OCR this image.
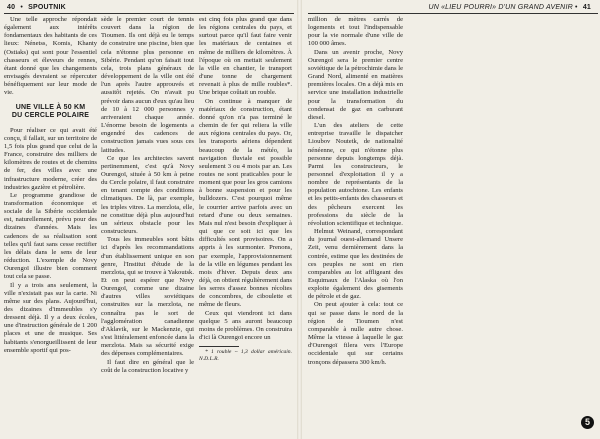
40 • SPOUTNIK

Une telle approche répondait également aux intérêts fondamentaux des habitants de ces lieux: Nénetss, Komis, Khanty (Ostiaks) qui sont pour l'essentiel chasseurs et éleveurs de rennes, étant donné que les changements envisagés devraient se répercuter bénéfiquement sur leur mode de vie.

UNE VILLE À 50 KM
DU CERCLE POLAIRE

Pour réaliser ce qui avait été conçu, il fallait, sur un territoire de 1,5 fois plus grand que celui de la France, construire des milliers de kilomètres de routes et de chemins de fer, des villes avec une infrastructure moderne, créer des industries gazière et pétrolière.

Le programme grandiose de transformation économique et sociale de la Sibérie occidentale est, naturellement, prévu pour des dizaines d'années. Mais les cadences de sa réalisation sont telles qu'il faut sans cesse rectifier les délais dans le sens de leur réduction. L'exemple de Novy Ourengoï illustre bien comment tout cela se passe.

Il y a trois ans seulement, la ville n'existait pas sur la carte. Ni même sur des plans. Aujourd'hui, des dizaines d'immeubles s'y dressent déjà. Il y a deux écoles, une d'instruction générale de 1 200 places et une de musique. Ses habitants s'enorgueillissent de leur ensemble sportif qui pos-

sède le premier court de tennis couvert dans la région de Tioumen. Ils ont déjà eu le temps de construire une piscine, bien que cela n'étonne plus personne en Sibérie. Pendant qu'on faisait tout cela, trois plans généraux de développement de la ville ont été l'un après l'autre approuvés et aussitôt rejetés. On n'avait pu prévoir dans aucun d'eux qu'au lieu de 10 à 12 000 personnes y arriveraient chaque année. L'énorme besoin de logements a engendré des cadences de construction jamais vues sous ces latitudes.

Ce que les architectes savent pertinemment, c'est qu'à Novy Ourengoï, située à 50 km à peine du Cercle polaire, il faut construire en tenant compte des conditions climatiques. De là, par exemple, les triples vitres. La merzlota, elle, ne constitue déjà plus aujourd'hui un sérieux obstacle pour les constructeurs.

Tous les immeubles sont bâtis ici d'après les recommandations d'un établissement unique en son genre, l'Institut d'étude de la merzlota, qui se trouve à Yakoutsk. Et on peut espérer que Novy Ourengoï, comme une dizaine d'autres villes soviétiques construites sur la merzlota, ne connaîtra pas le sort de l'agglomération canadienne d'Aklavik, sur le Mackenzie, qui s'est littéralement enfoncée dans la merzlota. Mais sa sécurité exige des dépenses complémentaires.

Il faut dire en général que le coût de la construction locative y

est cinq fois plus grand que dans les régions centrales du pays, et surtout parce qu'il faut faire venir les matériaux de centaines et même de milliers de kilomètres. À l'époque où on mettait seulement la ville en chantier, le transport d'une tonne de chargement revenait à plus de mille roubles*. Une brique coûtait un rouble.

On continue à manquer de matériaux de construction, étant donné qu'on n'a pas terminé le chemin de fer qui reliera la ville aux régions centrales du pays. Or, les transports aériens dépendent beaucoup de la météo, la navigation fluviale est possible seulement 3 ou 4 mois par an. Les routes ne sont praticables pour le moment que pour les gros camions à bonne suspension et pour les bulldozers. C'est pourquoi même le courrier arrive parfois avec un retard d'une ou deux semaines. Mais nul n'est besoin d'expliquer à qui que ce soit ici que les difficultés sont provisoires. On a appris à les surmonter. Prenons, par exemple, l'approvisionnement de la ville en légumes pendant les mois d'hiver. Depuis deux ans déjà, on obtient régulièrement dans les serres d'assez bonnes récoltes de concombres, de ciboulette et même de fleurs.

Ceux qui viendront ici dans quelque 5 ans auront beaucoup moins de problèmes. On construira d'ici là Ourengoï encore un

* 1 rouble ~ 1,3 dollar américain. N.D.L.R.

UN «LIEU POURRI» D'UN GRAND AVENIR • 41

million de mètres carrés de logements et tout l'indispensable pour la vie normale d'une ville de 100 000 âmes.

Dans un avenir proche, Novy Ourengoï sera le premier centre soviétique de la pétrochimie dans le Grand Nord, alimenté en matières premières locales. On a déjà mis en service une installation industrielle pour la transformation du condensat de gaz en carburant diesel.

L'un des ateliers de cette entreprise travaille le dispatcher Lioubov Noutetk, de nationalité nénéenne, ce qui n'étonne plus personne depuis longtemps déjà. Parmi les constructeurs, le personnel d'exploitation il y a nombre de représentants de la population autochtone. Les enfants et les petits-enfants des chasseurs et des pêcheurs exercent les professions du siècle de la révolution scientifique et technique.

Helmut Weinand, correspondant du journal ouest-allemand Unsere Zeit, venu dernièrement dans la contrée, estime que les destinées de ces peuples ne sont en rien comparables au lot affligeant des Esquimaux de l'Alaska où l'on exploite également des gisements de pétrole et de gaz.

On peut ajouter à cela: tout ce qui se passe dans le nord de la région de Tioumen n'est comparable à nulle autre chose. Même la vitesse à laquelle le gaz d'Ourengoï filera vers l'Europe occidentale qui sur certains tronçons dépassera 300 km/h.

5
